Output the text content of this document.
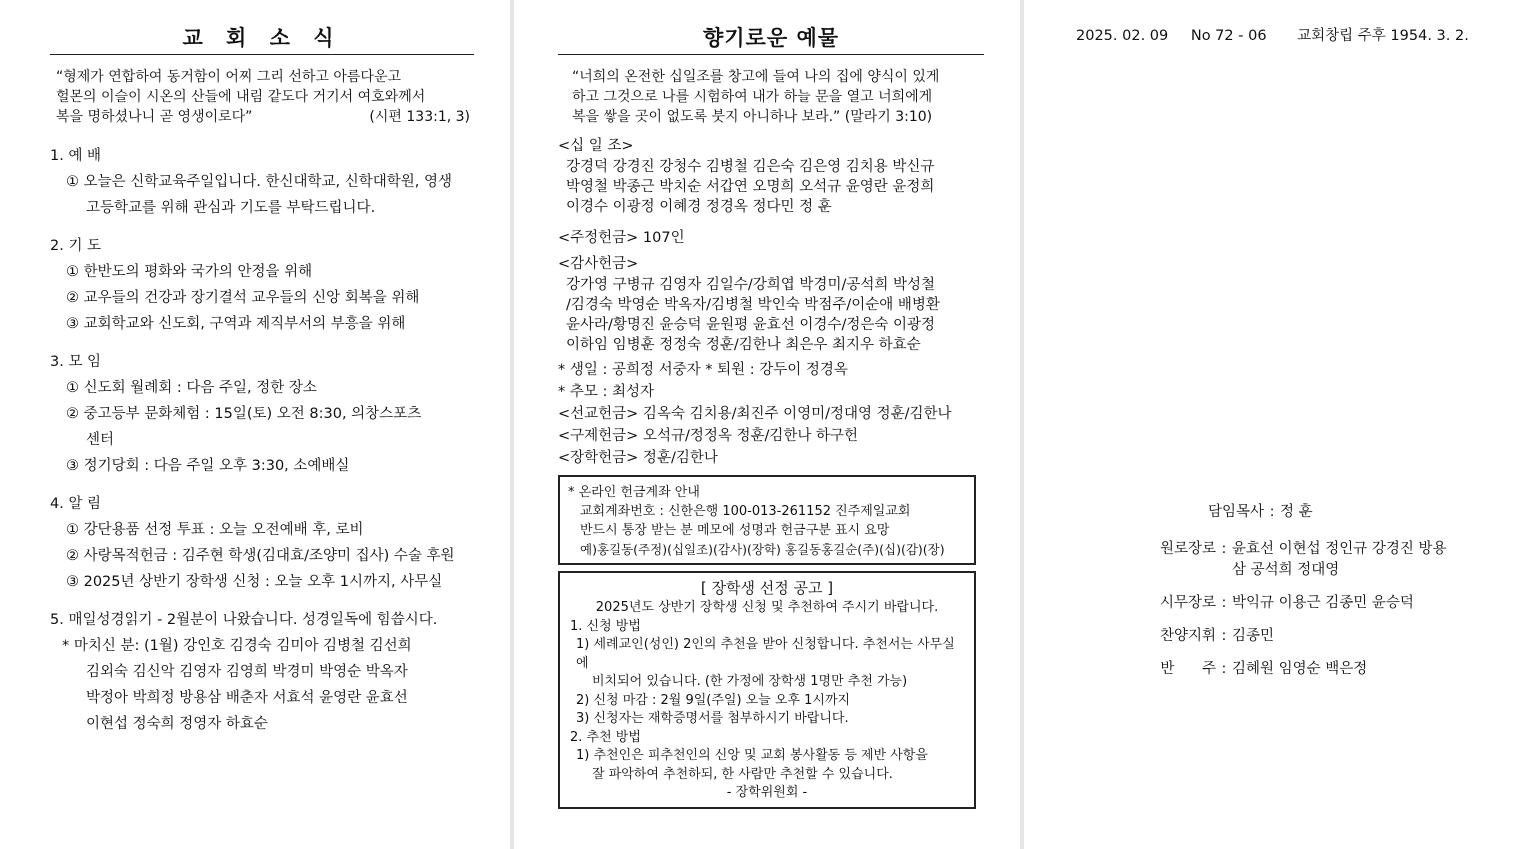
교 회 소 식
“형제가 연합하여 동거함이 어찌 그리 선하고 아름다운고
헐몬의 이슬이 시온의 산들에 내림 같도다 거기서 여호와께서
복을 명하셨나니 곧 영생이로다”	(시편 133:1, 3)
1. 예 배
① 오늘은 신학교육주일입니다. 한신대학교, 신학대학원, 영생
고등학교를 위해 관심과 기도를 부탁드립니다.
2. 기 도
① 한반도의 평화와 국가의 안정을 위해
② 교우들의 건강과 장기결석 교우들의 신앙 회복을 위해
③ 교회학교와 신도회, 구역과 제직부서의 부흥을 위해
3. 모 임
① 신도회 월례회 : 다음 주일, 정한 장소
② 중고등부 문화체험 : 15일(토) 오전 8:30, 의창스포츠
센터
③ 정기당회 : 다음 주일 오후 3:30, 소예배실
4. 알 림
① 강단용품 선정 투표 : 오늘 오전예배 후, 로비
② 사랑목적헌금 : 김주현 학생(김대효/조양미 집사) 수술 후원
③ 2025년 상반기 장학생 신청 : 오늘 오후 1시까지, 사무실
5. 매일성경읽기 - 2월분이 나왔습니다. 성경일독에 힘씁시다.
* 마치신 분: (1월) 강인호 김경숙 김미아 김병철 김선희
김외숙 김신악 김영자 김영희 박경미 박영순 박옥자
박정아 박희정 방용삼 배춘자 서효석 윤영란 윤효선
이현섭 정숙희 정영자 하효순
향기로운 예물
“너희의 온전한 십일조를 창고에 들여 나의 집에 양식이 있게
하고 그것으로 나를 시험하여 내가 하늘 문을 열고 너희에게
복을 쌓을 곳이 없도록 붓지 아니하나 보라.” (말라기 3:10)
<십 일 조>
강경덕 강경진 강청수 김병철 김은숙 김은영 김치용 박신규
박영철 박종근 박치순 서갑연 오명희 오석규 윤영란 윤정희
이경수 이광정 이혜경 정경옥 정다민 정 훈
<주정헌금> 107인
<감사헌금>
강가영 구병규 김영자 김일수/강희엽 박경미/공석희 박성철
/김경숙 박영순 박옥자/김병철 박인숙 박점주/이순애 배병환
윤사라/황명진 윤승덕 윤원평 윤효선 이경수/정은숙 이광정
이하임 임병훈 정정숙 정훈/김한나 최은우 최지우 하효순
* 생일 : 공희정 서중자 * 퇴원 : 강두이 정경옥
* 추모 : 최성자
<선교헌금> 김옥숙 김치용/최진주 이영미/정대영 정훈/김한나
<구제헌금> 오석규/정정옥 정훈/김한나 하구헌
<장학헌금> 정훈/김한나
* 온라인 헌금계좌 안내
교회계좌번호 : 신한은행 100-013-261152 진주제일교회
반드시 통장 받는 분 메모에 성명과 헌금구분 표시 요망
예)홍길동(주정)(십일조)(감사)(장학) 홍길동홍길순(주)(십)(감)(장)
[ 장학생 선정 공고 ]
2025년도 상반기 장학생 신청 및 추천하여 주시기 바랍니다.
1. 신청 방법
1) 세례교인(성인) 2인의 추천을 받아 신청합니다. 추천서는 사무실에
비치되어 있습니다. (한 가정에 장학생 1명만 추천 가능)
2) 신청 마감 : 2월 9일(주일) 오늘 오후 1시까지
3) 신청자는 재학증명서를 첨부하시기 바랍니다.
2. 추천 방법
1) 추천인은 피추천인의 신앙 및 교회 봉사활동 등 제반 사항을
잘 파악하여 추천하되, 한 사람만 추천할 수 있습니다.
- 장학위원회 -
2025. 02. 09 No 72 - 06 교회창립 주후 1954. 3. 2.
담임목사 : 정 훈
원로장로 : 윤효선 이현섭 정인규 강경진 방용삼 공석희 정대영
시무장로 : 박익규 이용근 김종민 윤승덕
찬양지휘 : 김종민
반      주 : 김혜원 임영순 백은정
